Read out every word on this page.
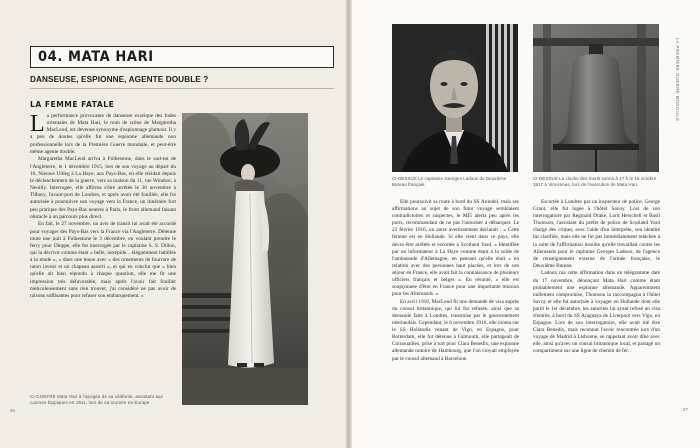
04. MATA HARI
DANSEUSE, ESPIONNE, AGENTE DOUBLE ?
LA FEMME FATALE

La performance provocante de danseuse exotique des Indes orientales de Mata Hari, le nom de scène de Margaretha MacLeod, est devenue synonyme d'espionnage glamour. Il y a peu de doutes qu'elle fut une espionne allemande non professionnelle lors de la Première Guerre mondiale, et peut-être même agente double.

Margaretha MacLeod arriva à Folkestone, dans le sud-est de l'Angleterre, le 1 décembre 1915, lors de son voyage au départ du 16, Nieuwe Uitleg à La Haye, aux Pays-Bas, où elle résidait depuis le déclenchement de la guerre, vers sa maison du 11, rue Windsor, à Neuilly. Interrogée, elle affirma s'être arrêtée le 30 novembre à Tilbury, l'avant-port de Londres, et après avoir été fouillée, elle fut autorisée à poursuivre son voyage vers la France, un itinéraire fort peu pratique des Pays-Bas neutres à Paris, le front allemand faisant obstacle à un parcours plus direct.

En fait, le 27 novembre, un avis de transit lui avait été accordé pour voyager des Pays-Bas vers la France via l'Angleterre. Détenue toute une nuit à Folkestone le 3 décembre, en voulant prendre le ferry pour Dieppe, elle fut interrogée par le capitaine S. S. Dillon, qui la décrivit comme étant « belle, intrépide... élégamment habillée à la mode », « dans une tenue avec « des ornements de fourrure de raton laveur et un chapeau assorti », et qui en conclut que « bien qu'elle ait bien répondu à chaque question, elle me fit une impression très défavorable, mais après l'avoir fait fouiller méticuleusement sans rien trouver, j'ai considéré ne pas avoir de raisons suffisantes pour refuser son embarquement. »

CI-CONTRE Mata Hari à l'apogée de sa célébrité, assistant aux courses hippiques en 1911, lors de sa tournée en Europe.
26
CI-DESSUS Le capitaine Georges Ladoux du Deuxième Bureau français.
CI-DESSUS La cloche des morts sonna à 17 h le 15 octobre 1917 à Vincennes, lors de l'exécution de Mata Hari.

Elle poursuivit sa route à bord du SS Arundel, mais ses affirmations au sujet de son futur voyage semblaient contradictoires et suspectes, le MI5 alerta peu après les ports, recommandant de ne pas l'autoriser à débarquer. Le 22 février 1916, un autre avertissement déclarait : « Cette femme est en Hollande. Si elle vient dans ce pays, elle devra être arrêtée et escortée à Scotland Yard. » Identifiée par un informateur à La Haye comme étant à la solde de l'ambassade d'Allemagne, en pensant qu'elle était « en relation avec des personnes haut placées, et lors de son séjour en France, elle avait fait la connaissance de plusieurs officiers français et belges ». En résumé, « elle est soupçonnée d'être en France pour une importante mission pour les Allemands. »

En avril 1916, MacLeod fit une demande de visa auprès du consul britannique, qui lui fut refusée, ainsi que sa demande faite à Londres, transmise par le gouvernement néerlandais. Cependant, le 6 novembre 1916, elle monta sur le SS Hollandia venant de Vigo, en Espagne, pour Rotterdam, elle fut détenue à Falmouth, elle partageait de Cornouailles, prise à tort pour Clara Benedix, une espionne allemande notoire de Hambourg, que l'on croyait employée par le consul allemand à Barcelone.

Escortée à Londres par un inspecteur de police, George Grant, elle fut logée à l'hôtel Savoy. Lors de son interrogatoire par Reginald Drake, Lord Herschell et Basil Thomson, l'assistant du préfet de police de Scotland Yard chargé des crimes, avec l'aide d'un interprète, son identité fut clarifiée, mais elle ne fut pas immédiatement relâchée à la suite de l'affirmation insolite qu'elle travaillait contre les Allemands pour le capitaine Georges Ladoux, de l'agence de renseignement externe de l'armée française, le Deuxième Bureau.

Ladoux nia cette affirmation dans un télégramme daté du 17 novembre, dénonçant Mata Hari comme étant probablement une espionne allemande. Apparemment nullement compromise, Thomson la raccompagna à l'hôtel Savoy et elle fut autorisée à voyager en Hollande dont elle partit le 1er décembre, les autorités lui ayant refusé un visa d'entrée, à bord du SS Araguaya de Liverpool vers Vigo, en Espagne. Lors de son interrogatoire, elle avait nié être Clara Benedix, mais reconnut l'avoir rencontrée lors d'un voyage de Madrid à Lisbonne, se rappelant avoir dîné avec elle, ainsi qu'avec un consul britannique local, et partagé un compartiment sur une ligne de chemin de fer.

LA PREMIÈRE GUERRE MONDIALE
27
